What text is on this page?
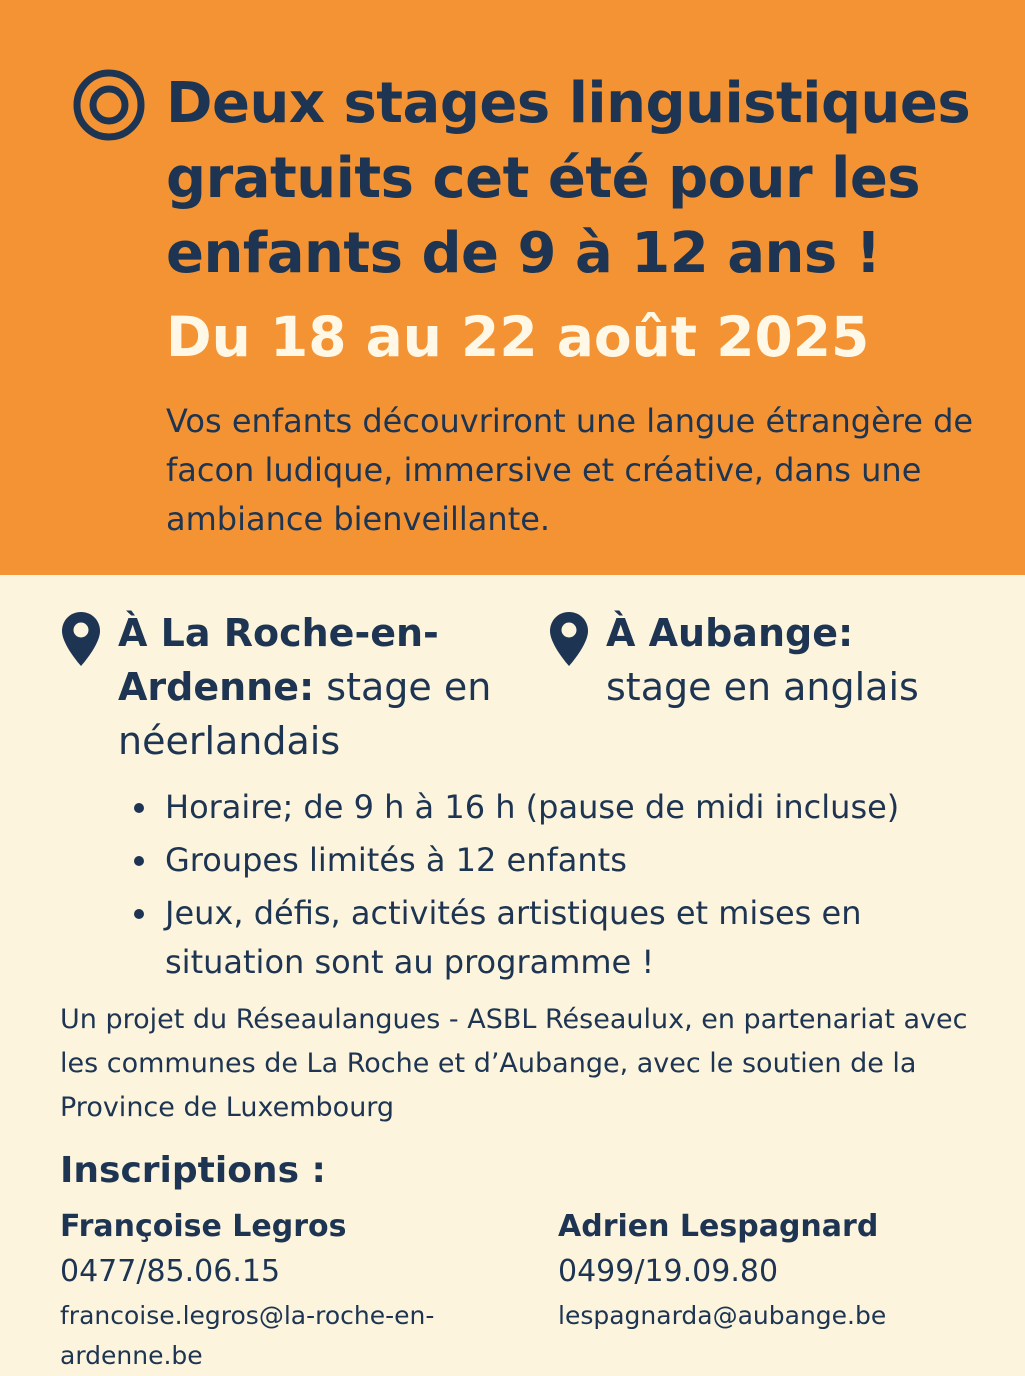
Deux stages linguistiques gratuits cet été pour les enfants de 9 à 12 ans !
Du 18 au 22 août 2025

Vos enfants découvriront une langue étrangère de facon ludique, immersive et créative, dans une ambiance bienveillante.

À La Roche-en-Ardenne: stage en néerlandais
À Aubange:
stage en anglais
Horaire; de 9 h à 16 h (pause de midi incluse)
Groupes limités à 12 enfants
Jeux, défis, activités artistiques et mises en situation sont au programme !

Un projet du Réseaulangues - ASBL Réseaulux, en partenariat avec les communes de La Roche et d’Aubange, avec le soutien de la Province de Luxembourg

Inscriptions :
Françoise Legros
0477/85.06.15
francoise.legros@la-roche-en-ardenne.be
Adrien Lespagnard
0499/19.09.80
lespagnarda@aubange.be
